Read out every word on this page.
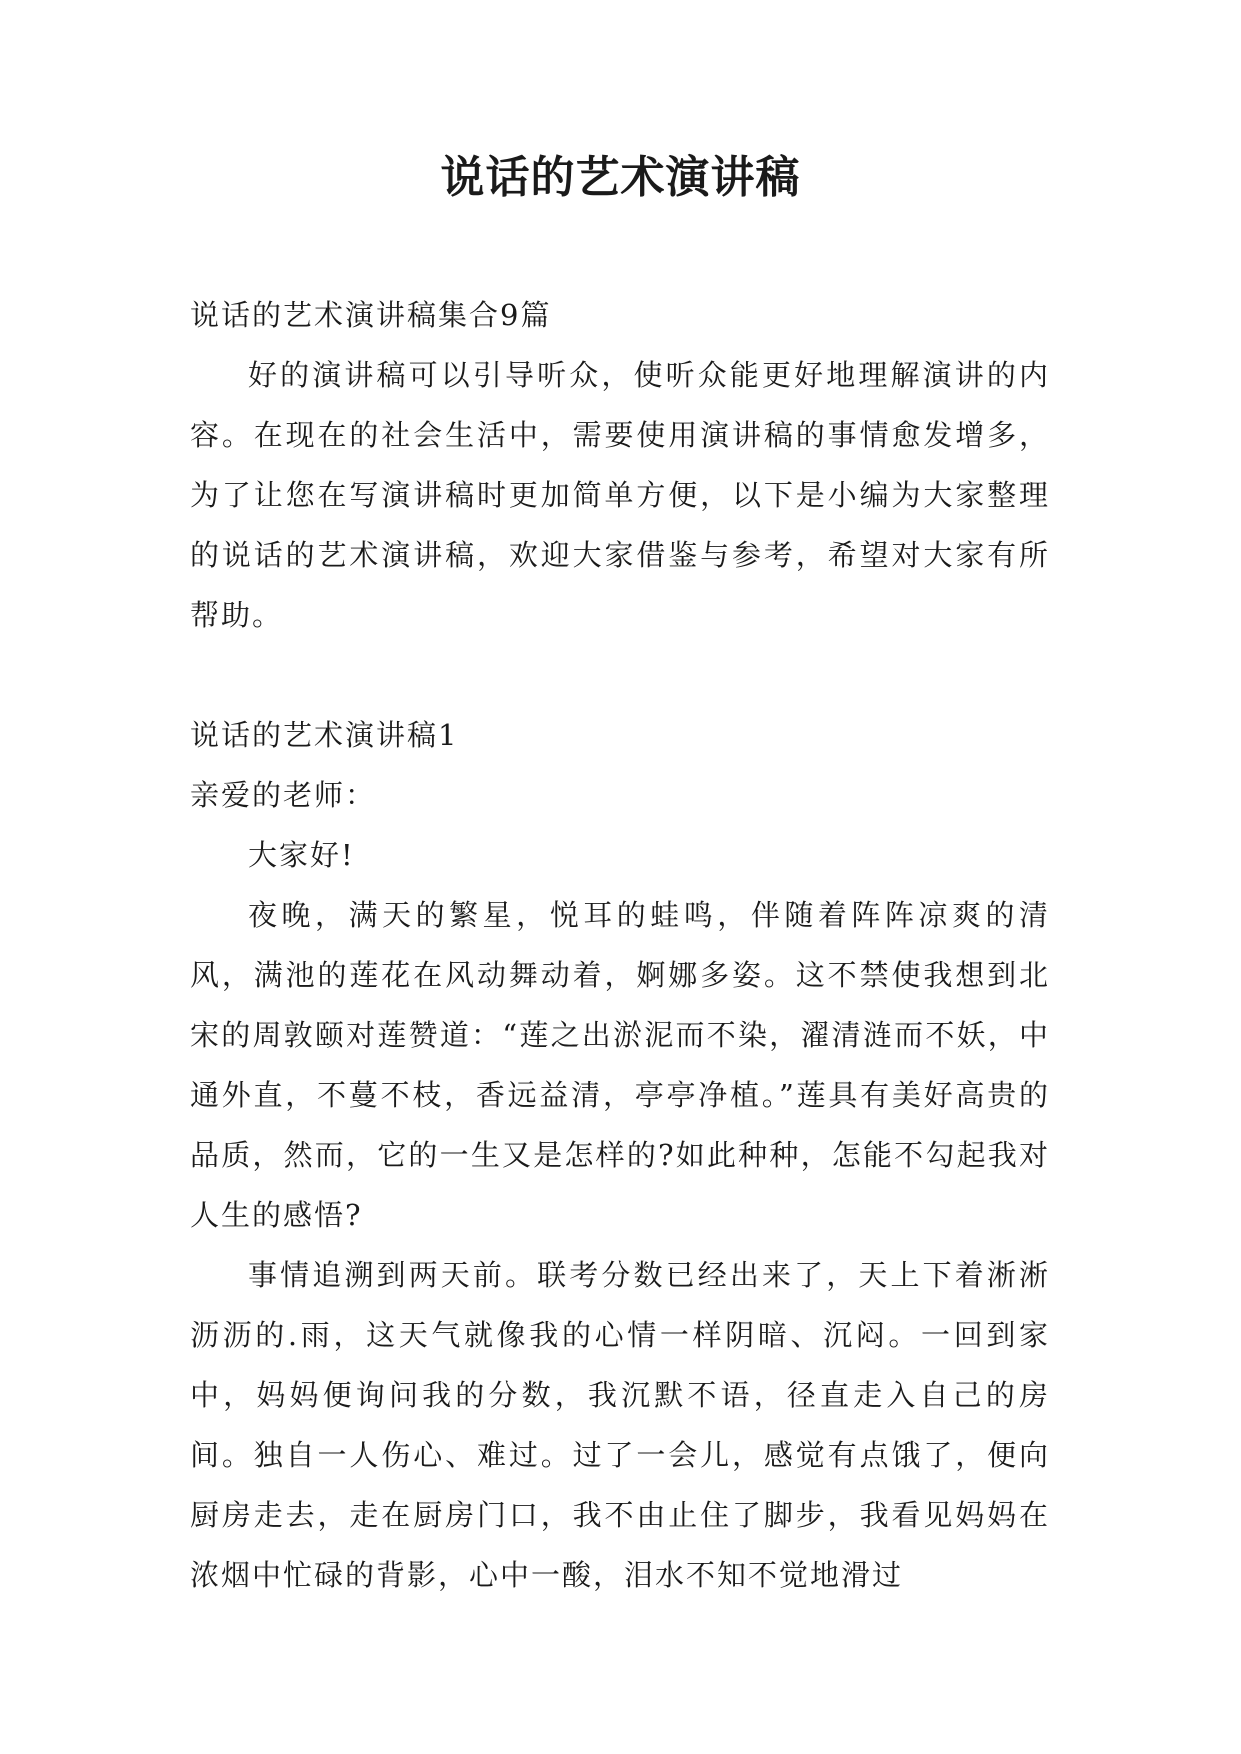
说话的艺术演讲稿

说话的艺术演讲稿集合9篇

好的演讲稿可以引导听众，使听众能更好地理解演讲的内容。在现在的社会生活中，需要使用演讲稿的事情愈发增多，为了让您在写演讲稿时更加简单方便，以下是小编为大家整理的说话的艺术演讲稿，欢迎大家借鉴与参考，希望对大家有所帮助。

说话的艺术演讲稿1

亲爱的老师：

大家好!

夜晚，满天的繁星，悦耳的蛙鸣，伴随着阵阵凉爽的清风，满池的莲花在风动舞动着，婀娜多姿。这不禁使我想到北宋的周敦颐对莲赞道：“莲之出淤泥而不染，濯清涟而不妖，中通外直，不蔓不枝，香远益清，亭亭净植。”莲具有美好高贵的品质，然而，它的一生又是怎样的?如此种种，怎能不勾起我对人生的感悟?

事情追溯到两天前。联考分数已经出来了，天上下着淅淅沥沥的.雨，这天气就像我的心情一样阴暗、沉闷。一回到家中，妈妈便询问我的分数，我沉默不语，径直走入自己的房间。独自一人伤心、难过。过了一会儿，感觉有点饿了，便向厨房走去，走在厨房门口，我不由止住了脚步，我看见妈妈在浓烟中忙碌的背影，心中一酸，泪水不知不觉地滑过
